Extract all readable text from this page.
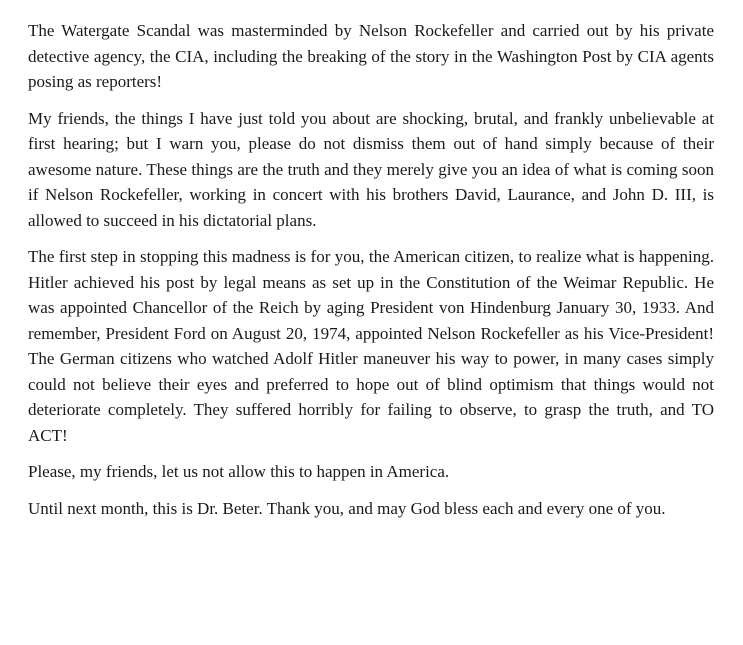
The Watergate Scandal was masterminded by Nelson Rockefeller and carried out by his private detective agency, the CIA, including the breaking of the story in the Washington Post by CIA agents posing as reporters!

My friends, the things I have just told you about are shocking, brutal, and frankly unbelievable at first hearing; but I warn you, please do not dismiss them out of hand simply because of their awesome nature. These things are the truth and they merely give you an idea of what is coming soon if Nelson Rockefeller, working in concert with his brothers David, Laurance, and John D. III, is allowed to succeed in his dictatorial plans.

The first step in stopping this madness is for you, the American citizen, to realize what is happening. Hitler achieved his post by legal means as set up in the Constitution of the Weimar Republic. He was appointed Chancellor of the Reich by aging President von Hindenburg January 30, 1933. And remember, President Ford on August 20, 1974, appointed Nelson Rockefeller as his Vice-President! The German citizens who watched Adolf Hitler maneuver his way to power, in many cases simply could not believe their eyes and preferred to hope out of blind optimism that things would not deteriorate completely. They suffered horribly for failing to observe, to grasp the truth, and TO ACT!

Please, my friends, let us not allow this to happen in America.

Until next month, this is Dr. Beter. Thank you, and may God bless each and every one of you.
